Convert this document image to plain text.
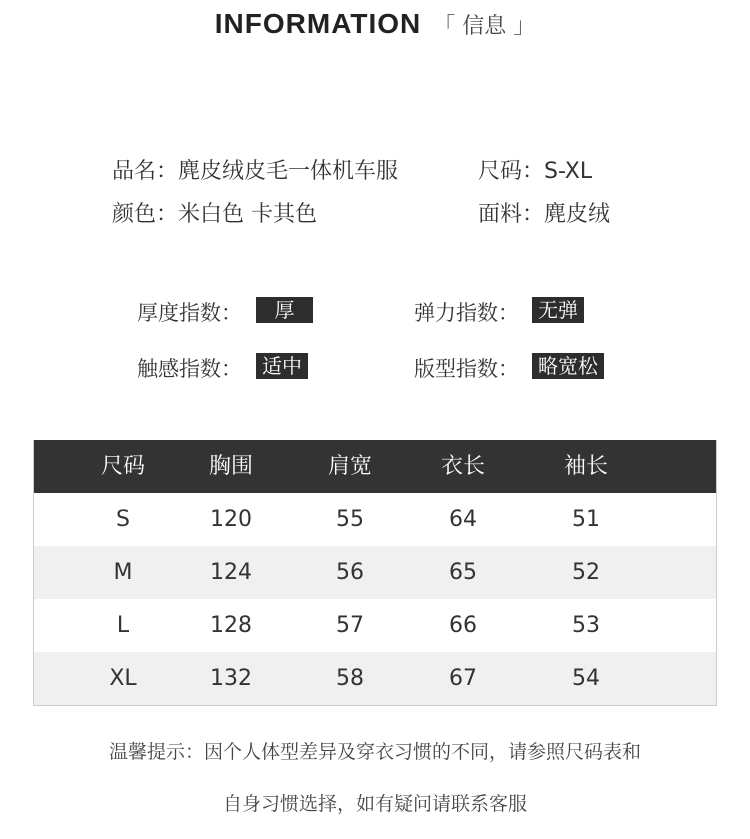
INFORMATION 「 信息 」
品名：麂皮绒皮毛一体机车服	尺码：S-XL
颜色：米白色 卡其色	面料：麂皮绒
厚度指数：	厚	弹力指数： 无弹
触感指数：	适中	版型指数： 略宽松
尺码	胸围	肩宽	衣长	袖长
S	120	55	64	51
M	124	56	65	52
L	128	57	66	53
XL	132	58	67	54
温馨提示：因个人体型差异及穿衣习惯的不同，请参照尺码表和
自身习惯选择，如有疑问请联系客服
